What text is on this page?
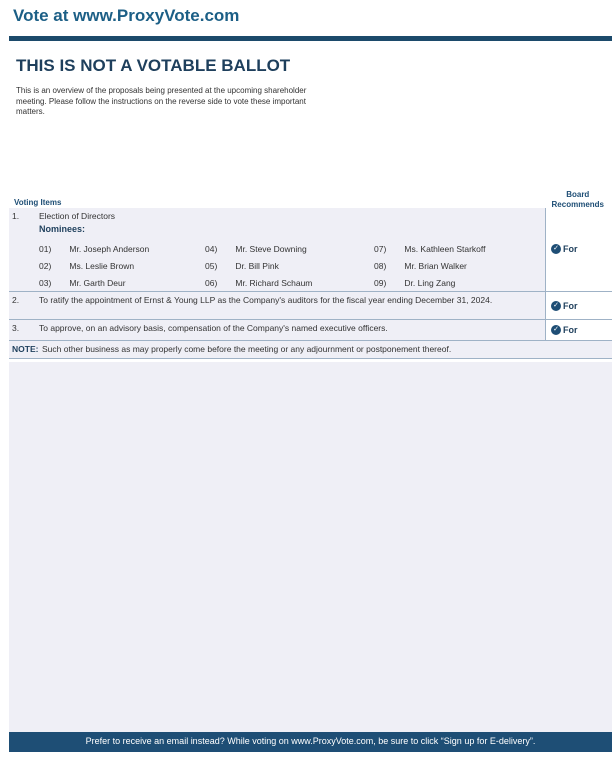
Vote at www.ProxyVote.com
THIS IS NOT A VOTABLE BALLOT
This is an overview of the proposals being presented at the upcoming shareholder meeting. Please follow the instructions on the reverse side to vote these important matters.
Voting Items
Board
Recommends
1. Election of Directors
Nominees:
01) Mr. Joseph Anderson
02) Ms. Leslie Brown
03) Mr. Garth Deur
04) Mr. Steve Downing
05) Dr. Bill Pink
06) Mr. Richard Schaum
07) Ms. Kathleen Starkoff
08) Mr. Brian Walker
09) Dr. Ling Zang
✓ For
2. To ratify the appointment of Ernst & Young LLP as the Company's auditors for the fiscal year ending December 31, 2024.
✓ For
3. To approve, on an advisory basis, compensation of the Company's named executive officers.	✓ For
NOTE: Such other business as may properly come before the meeting or any adjournment or postponement thereof.
Prefer to receive an email instead? While voting on www.ProxyVote.com, be sure to click “Sign up for E-delivery”.
